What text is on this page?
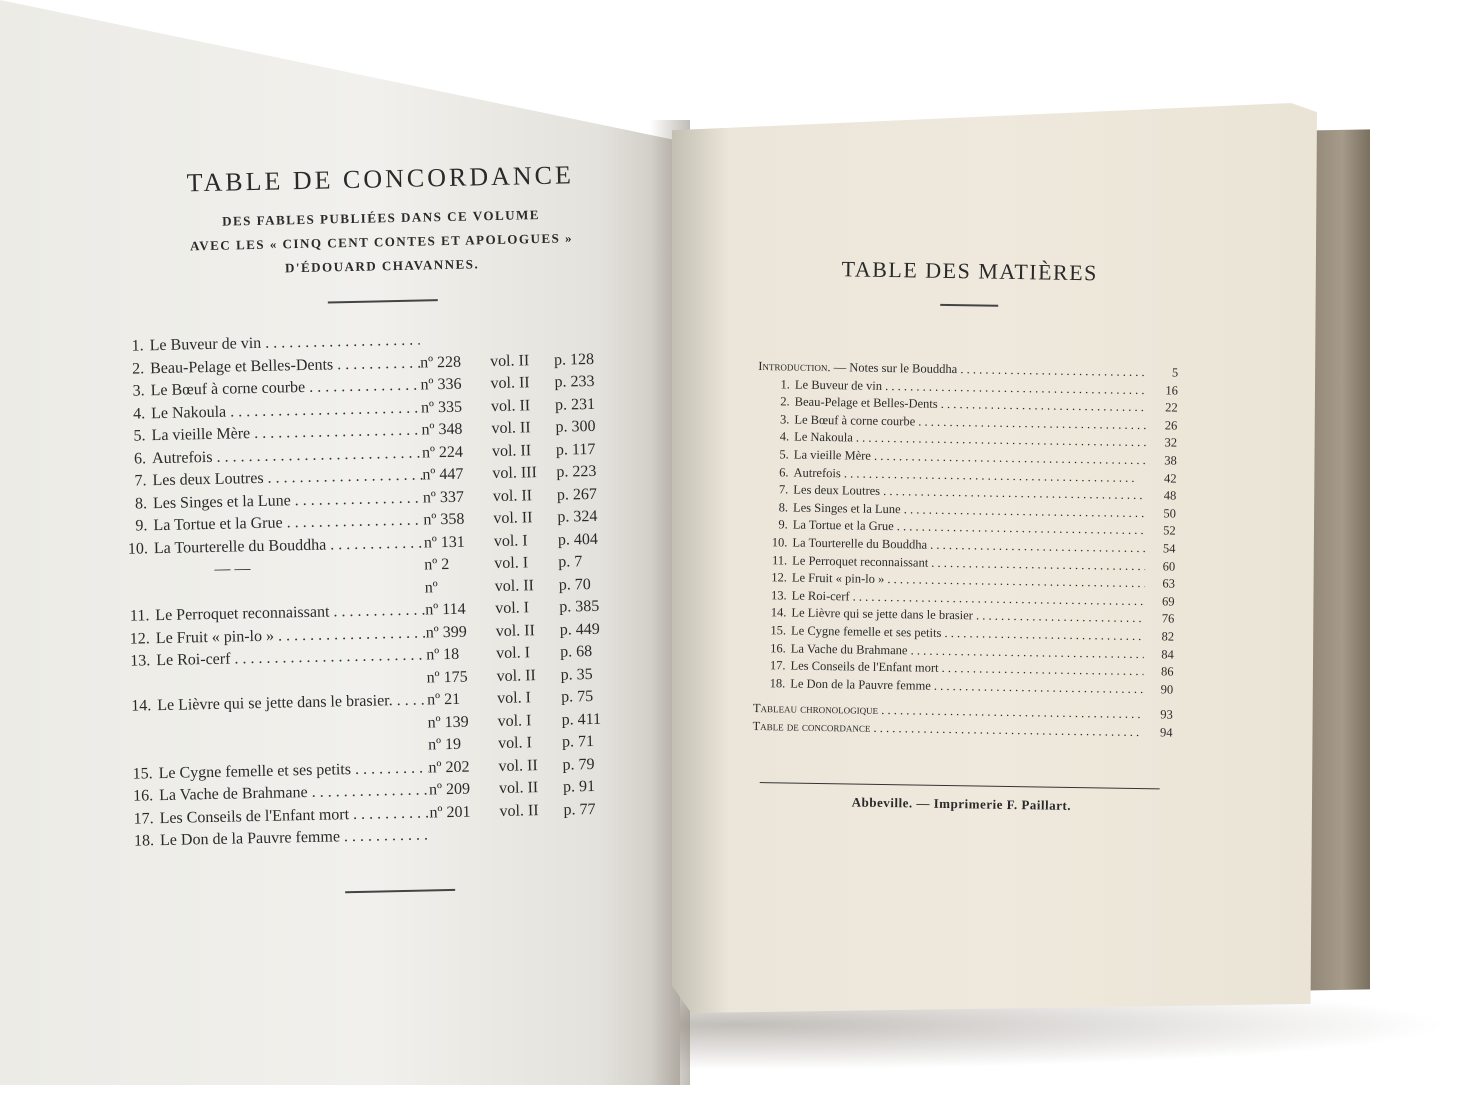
TABLE DE CONCORDANCE
DES FABLES PUBLIÉES DANS CE VOLUME
AVEC LES « CINQ CENT CONTES ET APOLOGUES »
D'ÉDOUARD CHAVANNES.
1. Le Buveur de vin . . .
2. Beau-Pelage et Belles-Dents . . .	nº 228	vol. II	p. 128
3. Le Bœuf à corne courbe . . .	nº 336	vol. II	p. 233
4. Le Nakoula . . .	nº 335	vol. II	p. 231
5. La vieille Mère . . .	nº 348	vol. II	p. 300
6. Autrefois . . .	nº 224	vol. II	p. 117
7. Les deux Loutres . . .	nº 447	vol. III	p. 223
8. Les Singes et la Lune . . .	nº 337	vol. II	p. 267
9. La Tortue et la Grue . . .	nº 358	vol. II	p. 324
10. La Tourterelle du Bouddha . . .	nº 131	vol. I	p. 404
— —	nº 2	vol. I	p. 7
nº	vol. II	p. 70
11. Le Perroquet reconnaissant . . .	nº 114	vol. I	p. 385
12. Le Fruit « pin-lo » . . .	nº 399	vol. II	p. 449
13. Le Roi-cerf . . .	nº 18	vol. I	p. 68
nº 175	vol. II	p. 35
14. Le Lièvre qui se jette dans le brasier. . . .	nº 21	vol. I	p. 75
nº 139	vol. I	p. 411
nº 19	vol. I	p. 71
15. Le Cygne femelle et ses petits . . .	nº 202	vol. II	p. 79
16. La Vache de Brahmane . . .	nº 209	vol. II	p. 91
17. Les Conseils de l'Enfant mort . . .	nº 201	vol. II	p. 77
18. Le Don de la Pauvre femme . . .
TABLE DES MATIÈRES
Introduction. — Notes sur le Bouddha . . .	5
1. Le Buveur de vin . . .	16
2. Beau-Pelage et Belles-Dents . . .	22
3. Le Bœuf à corne courbe . . .	26
4. Le Nakoula . . .	32
5. La vieille Mère . . .	38
6. Autrefois . . .	42
7. Les deux Loutres . . .	48
8. Les Singes et la Lune . . .	50
9. La Tortue et la Grue . . .	52
10. La Tourterelle du Bouddha . . .	54
11. Le Perroquet reconnaissant . . .	60
12. Le Fruit « pin-lo » . . .	63
13. Le Roi-cerf . . .	69
14. Le Lièvre qui se jette dans le brasier . . .	76
15. Le Cygne femelle et ses petits . . .	82
16. La Vache du Brahmane . . .	84
17. Les Conseils de l'Enfant mort . . .	86
18. Le Don de la Pauvre femme . . .	90
Tableau chronologique . . .	93
Table de concordance . . .	94
Abbeville. — Imprimerie F. Paillart.
